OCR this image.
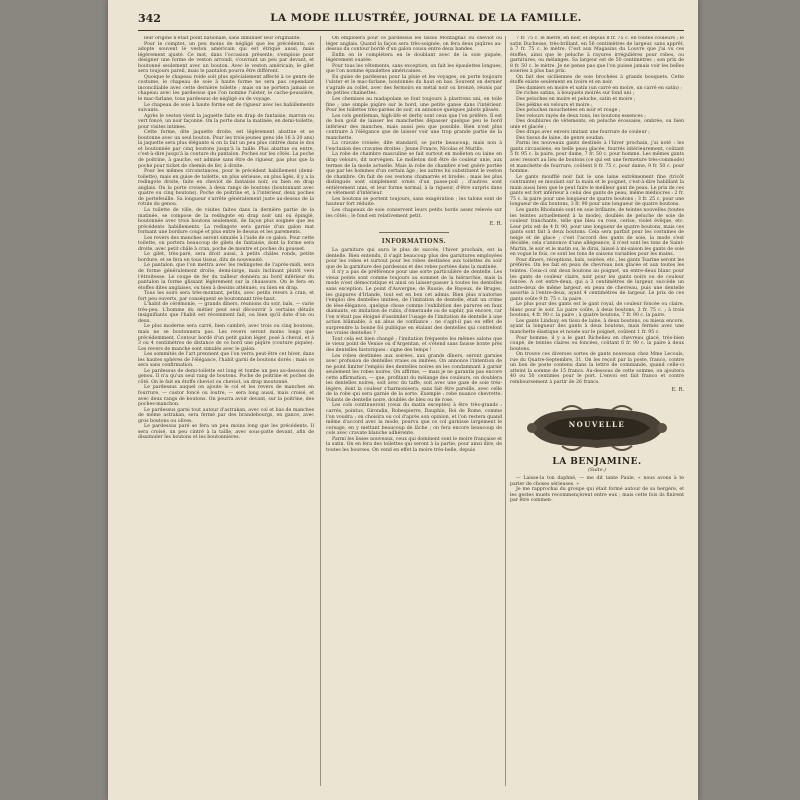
342	LA MODE ILLUSTRÉE, JOURNAL DE LA FAMILLE.

leur origine n'était point nationale, sans diminuer leur originalité.

Pour le comptet, un peu moins de négligé que les précédents, on adopte souvent le veston américain qui est étriqué aussi, mais légèrement ajusté. Ce mot, dans l'occasion présente, s'emploie pour désigner une forme de veston arrondi, s'ouvrant un peu par devant, et boutonné seulement avec un bouton. Avec le veston américain, le gilet sera toujours pareil, mais le pantalon pourra être différent.

Quoique le chapeau roide soit plus spécialement affecté à ce genre de costume, le chapeau de soie à haute forme ne sera pas cependant inconciliable avec cette dernière toilette ; mais on ne portera jamais ce chapeau avec les pardessus que l'on nomme l'ulster, le cache-poussière, le mac-farlane, tous pardessus de négligé ou de voyage.

Le chapeau de soie à haute forme est de rigueur avec les habillements suivants.

Après le veston vient la jaquette faite en drap de fantaisie, marron ou vert foncé, un noir façonné. On la porte dans la matinée, en demi-toilette, pour visites intimes.

Cette forme, dite jaquette droite, est légèrement abattue et se boutonne avec un seul bouton. Pour les trois-jeunes gens (de 16 à 20 ans) la jaquette sera plus élégante si on la fait un peu plus cintrée dans le dos et boutonnée par cinq boutons jusqu'à la taille. Plus abattue ou entre, c'est-à-dire jusqu'à la couture du pantalon. Poches sur les côtés. La poche de poitrine, à gauche, est admise sans être de rigueur, pas plus que la poche pour ticket de chemin de fer, à droite.

Pour les mêmes circonstances, pour le précédent habillement (demi-toilette), mais en guise de toilette, un plus sérieuse, on plus âgés, il y a la redingote droite, faite en cheviot de fantaisie noir, ou bien en drap anglais. On la porte croisée, à deux rangs de boutons (boutonnant avec quatre ou cinq boutons). Poche de poitrine et, à l'intérieur, deux poches de portefeuille. Sa longueur s'arrête généralement juste au-dessus de la rotule du genou.

La toilette de ville, de visites faites dans la dernière partie de la matinée, se compose de la redingote en drap noir uni ou épinglé, boutonnée avec trois boutons seulement, de façon plus soignée que les précédents habillements. La redingote sera garnie d'un galon mat formant une bordure coupé et plus entre le dessus et les parements.

Les revers des manches seront simulés à l'aide de ce galon. Pour cette toilette, on portera beaucoup de gilets de fantaisie, dont la forme sera droite, avec petit châle à cran, poche de montre et poches du gousset.

Le gilet, très-paré, sera droit aussi, à petits châles ronds, petite bordure, et se fera en tous tissus, dits de nouveauté.

Le pantalon, que l'on mettra avec les redingotes de l'après-midi, sera de forme généralement droite, demi-large, mais inclinant plutôt vers l'étroitesse. Le coupe de fer du tailleur donnera au bord inférieur du pantalon la forme glissant légèrement sur la chaussure. On le fera en étoffes dites anglaises, ou bien à dessins atténués, ou bien en drap.

Tous les soirs sera très-montant, petits, avec petits revers à cran, et fort peu ouverts, par conséquent se boutonnant très-haut.

L'habit de cérémonie, — grands dîners, réunions du soir, bals, — varie très-peu. L'homme du métier peut seul découvrir à certains détails insignifiants que l'habit est récemment fait, ou bien qu'il date d'un ou deux.

Le plus moderne sera carré, bien cambré, avec trois ou cinq boutons, mais ne se boutonnera pas. Les revers seront moins longs que précédemment. Contour bordé d'un petit galon léger, posé à cheval, et à 3 ou 4 centimètres de distance de ce bord une piqûre (couture piquée). Les revers de manche sont simulés avec le galon.

Les sommités de l'art prennent que l'on verra peut-être cet hiver, dans les hautes sphères de l'élégance, l'habit garni de boutons dorés ; mais ce sera sans confirmation.

Le pardessus de demi-toilette est long et tombe un peu au-dessous du genou. Il n'a qu'un seul rang de boutons. Poche de poitrine et poches de côté. On le fait en étoffe cheviot ou cheviot, un drap moutonné.

Le pardessus auquel on ajoute le col et les revers de manches en fourrure, — castor foncé ou loutre, — sera long aussi, mais croisé, et avec deux rangs de boutons. On pourra avoir devant, sur la poitrine, des poches-manchon.

Le pardessus garni tout autour d'astrakan, avec col et bas de manches de même astrakan, sera fermé par des brandebourgs, en gance, avec gros boutons ou olives.

Le pardessus paré se fera un peu moins long que les précédents. Il sera croisé, un peu cintré à la taille, avec sous-patte devant, afin de dissimuler les boutons et les boutonnières.

On emploiera pour ce pardessus les tissus Montagnac ou cheviot ou léger anglais. Quand la façon sera très-soignée, on fera deux piqûres au-dessus du contour bordé d'un galon cousu entre deux bandes.

Enfin on le complétera en le doublant avec de la soie piquée, légèrement ouatée.

Pour tous les vêtements, sans exception, on fait les épaulettes longues, que l'on nomme épaulettes américaines.

En guise de pardessus pour la pluie et les voyages, on porte toujours l'ulster et le mac-farlane, boutonnés du haut en bas. Souvent on dernier s'agrafe au collet, avec des fermoirs en métal noir ou bronzé, réunis par de petites chaînettes.

Les chemises au madapolam se font toujours à plastrons uni, en toile fine ; une simple piqûre sur le bord, une petite ganse dans l'intérieur. Pour les toilettes très-parées de soir, on annonce quelques jabots plissés.

Les cols gentleman, high-life et derby sont ceux que l'on préfère. Il est de bon goût de laisser les manchettes dépasser quelque peu le bord inférieur des manches, mais aussi peu que possible. Bien n'est plus contraire à l'élégance que de laisser voir une trop grande partie de la manchette.

La cravate croisée, dite standard, se porte beaucoup, mais non à l'exclusion des cravates droites : Jeune France, Nicolas et Murillo.

La robe de chambre masculine se fait surtout en molleton ou laine en drap velours, dit norvégien. Le molleton doit être de couleur unie, aux termes de la mode actuelle. Mais la robe de chambre n'est guère portée que par les hommes d'un certain âge ; les autres lui substituent le veston de chambre. On fait de ces vestons chamarrés et brodés ; mais les plus distingués sont simplement ornés d'un passe-poil ; d'autres sont entièrement unis, et leur forme normal, à la rigueur, d'être surpris dans ce vêtement d'intérieur.

Les boutons se portent toujours, sans exagération ; les talons sont de hauteur fort réduite.

Les chapeaux de soie conservent leurs petits bords assez relevés sur les côtés ; le fond est relativement petit.

E. R.
INFORMATIONS.

La garniture qui aura le plus de succès, l'hiver prochain, est la dentelle. Bien entendu, il s'agit beaucoup plus des garnitures employées pour les robes et surtout pour les robes destinées aux toilettes du soir que de la garniture des pardessus et des robes portées dans la matinée.

Il n'y a pas de préférence pour une sorte particulière de dentelle. Les vieux points sont comme toujours au sommet de la hiérarchie, mais la mode n'est démocratique et ainsi on laisser-passer à toutes les dentelles sans exception. Le point d'Auvergne, de Russie, de Bayeux, de Bruges, les guipures d'Irlande, tout est en bon cet admis. Rien plus n'autorise l'emploi des dentelles imitées, de l'imitation de dentelle, était un crime de lèse-élégance, quelque chose comme l'exhibition des parures en faux diamants, en imitation de rubis, d'émeraude ou de saphir, pis encore, car l'on n'était pas éloigné d'assimiler l'usage de l'imitation de dentelle à une action blâmable, à un abus de confiance : ne s'agit-il pas en effet de surprendre la bonne foi publique en étalant des dentelles qui contrefont les vraies dentelles ?

Tout cela est bien changé ; l'imitation fréquente les mêmes salons que le vieux point de Venise ou d'Argentan, et s'étend sans fausse honte près des dentelles historiques : signe des temps !

Les robes destinées aux soirées, aux grands dîners, seront garnies avec profusion de dentelles vraies ou imitées. On annonce l'intention de ne point limiter l'emploi des dentelles noires en les condamnant à garnir seulement les robes noires. On affirme, — mais je ne garantis pas encore cette affirmation, — que, profitant du mélange des couleurs, on doublera les dentelles noires, soit avec du taffe, soit avec une gaze de soie très-légère, dont la couleur s'harmonisera, sans fait être pareille, avec celle de la robe qui sera garnie de la sorte. Exemple : robe nuance chevrette. Volants de dentelle noire, doublés de bleu ou de rose.

Les cols continueront (ceux du matin exceptés) à être très-grands : carrés, pointus, Girondin, Robespierre, Dauphin, Roi de Rome, comme l'on voudra ; on choisira ou col d'après son opinion, et l'on restera quand même d'accord avec la mode, pourvu que ce col garnisse largement le corsage, en y mettant beaucoup de lâche ; on fera encore beaucoup de cols avec cravate blanche adhérente.

Parmi les lisses nouveaux, ceux qui dominent sont le moire française et la satin. On en fera des toilettes qui seront à la partie, pour ainsi dire, de toutes les bourses. On vend en effet la moire très-belle, depuis

7 fr. 75 c. le mètre, en noir, et depuis 8 fr. 75 c. en toutes couleurs ; le satin Duchesse, très-brillant, en 56 centimètres de largeur, sans apprêt, à 7 fr. 75 c. le mètre. C'est aux Magasins du Louvre que j'ai vu ces étoffes, ainsi que le peluche à rayures irrégulières pour robes, ou garnitures, ou mélanges. Sa largeur est de 50 centimètres ; son prix de 8 fr. 50 c. le mètre. Je ne pense pas que l'on puisse jamais voir les belles soieries à plus bas prix.

On fait des siciliennes de soie brochées à grands bouquets. Cette étoffe existe seulement en ivoire et en noir.

Des damiers en moire et satin (un carré en moire, un carré en satin) ;

De riches satins, à bouquets moirés sur fond uni ;

Des peluches en moire et peluche, satin et moire ;

Des pékins en velours et moire ;

Des peluches mouchetées en noir et rouge ;

Des velours rayés de deux tons, les boutons essences ;

Des doublures de vêtements, en peluche écossaise, ombrée, ou bien unie et glacée ;

Des draps avec envers imitant une fourrure de couleur ;

Des tissus de laine, de genre soudan.

Parmi les nouveaux gants destinés à l'hiver prochain, j'ai noté : les gants circassiens, en belle peau glacée, fourrés intérieurement, coûtant 5 fr. 95 c. la paire, pour dame, 7 fr. 50 c. pour homme. Les mêmes gants avec ressort au lieu de boutons (ce qui est une fermeture très-commode) et manchette de fourrure, coûtent 8 fr. 75 c. pour dame, 9 fr. 50 c. pour homme.

Le gants moufflé noir fait le une laine extrêmement fine (tricôt contrainte) se moulant sur la main et le poignet, c'est-à-dire habillant la main aussi bien que le peut faire le meilleur gant de peau. Le prix de ces gants est fort inférieur à celui des gants de peau, même médiocres : 2 fr. 75 c. la paire pour une longueur de quatre boutons ; 3 fr. 25 c. pour une longueur de dix boutons, 3 fr. 90 pour une longueur de quatre boutons.

Les gants Rhodanés sont en soie brillante, de teintes nouvelles (toutes les teintes actuellement à la mode), doublés de peluche de soie de couleur tranchante, telle que bleu ou rose, cerise, violet évêque, etc. Leur prix est de 4 fr. 90, pour une longueur de quatre boutons, mais ces gants sont fait à deux boutons. Cela sera parfait pour les costumes de neige et de glace ; c'est l'accord des gants de soie, la mode s'est décidée, cela s'annonce d'une allégeance, il n'est sont les tons de Saint-Martin, le soir et le matin ou, le dirai, laissé à mi-saison les gants de soie en vogue le fois, ce sont les tons de saisons variables pour les mains.

Pour dîners, réceptions, bals, soirées, etc., les gants Tsarine seront les préférés. On les fait en peau de chevreau non glacée et aux toutes les teintes. Ceux-ci ont deux boutons au poignet, un entre-deux blanc pour les gants de couleur claire, noir pour les gants noirs ou de couleur foncée. A cet entre-deux, qui a 3 centimètres de largeur, succède un autre-deux de même largeur, en peau de chevreau, puis une dentelle assortie à l'entre-deux, ayant 4 centimètres de largeur. Le prix de ces gants coûte 9 fr. 75 c. la paire.

Le plus pour des gants est le gant royal, de couleur foncée ou claire, blanc pour le soir. La paire coûte, à deux boutons, 3 fr. 75 c. ; à trois boutons, 4 fr. 90 c. la paire ; à quatre boutons, 7 fr. 90 c. la paire.

Les gants Lindsay, en tissu de laine, à deux boutons, ou mieux encore, ayant la longueur des gants à deux boutons, mais fermés avec une manchette élastique et nouée sur le poignet, coûtent 1 fr. 95 c.

Pour homme, il y a le gant Richelieu en chevreau glacé, très-bien coupé, de teintes claires ou foncées, coûtant 6 fr. 90 c. la paire à deux boutons.

On trouve ces diverses sortes de gants nouveaux chez Mme Lecouls, rue du Quatre-Septembre, 31. On les reçoit par la poste, franco, contre un bon de poste contenu dans la lettre de commande, quand celle-ci atteint la somme de 15 francs. Au-dessous de cette somme, on ajoutera 40 ou 50 centimes pour le port. L'envoi est fait franco et contre remboursement à partir de 26 francs.

E. R.
NOUVELLE
LA BENJAMINE.
(Suite.)

— Laisse-la ton daphné, — me dit tante Paule, « nous avons à te parler de choses sérieuses. »

Je me rapprochai du groupe qui était formé autour de sa bergère, et les gestes muets recommençèrent entre eux ; mais cette fois ils finirent par être commen-
